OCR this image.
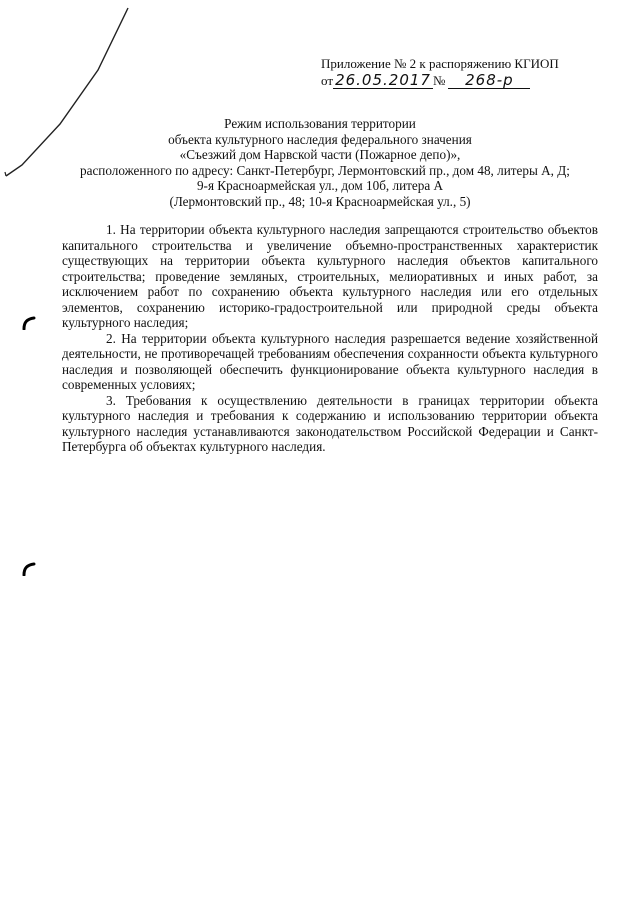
Приложение № 2 к распоряжению КГИОП
от 26.05.2017 №	268-р
Режим использования территории
объекта культурного наследия федерального значения
«Съезжий дом Нарвской части (Пожарное депо)»,
расположенного по адресу: Санкт-Петербург, Лермонтовский пр., дом 48, литеры А, Д;
9-я Красноармейская ул., дом 10б, литера А
(Лермонтовский пр., 48; 10-я Красноармейская ул., 5)

1. На территории объекта культурного наследия запрещаются строительство объектов капитального строительства и увеличение объемно-пространственных характеристик существующих на территории объекта культурного наследия объектов капитального строительства; проведение земляных, строительных, мелиоративных и иных работ, за исключением работ по сохранению объекта культурного наследия или его отдельных элементов, сохранению историко-градостроительной или природной среды объекта культурного наследия;

2. На территории объекта культурного наследия разрешается ведение хозяйственной деятельности, не противоречащей требованиям обеспечения сохранности объекта культурного наследия и позволяющей обеспечить функционирование объекта культурного наследия в современных условиях;

3. Требования к осуществлению деятельности в границах территории объекта культурного наследия и требования к содержанию и использованию территории объекта культурного наследия устанавливаются законодательством Российской Федерации и Санкт-Петербурга об объектах культурного наследия.
